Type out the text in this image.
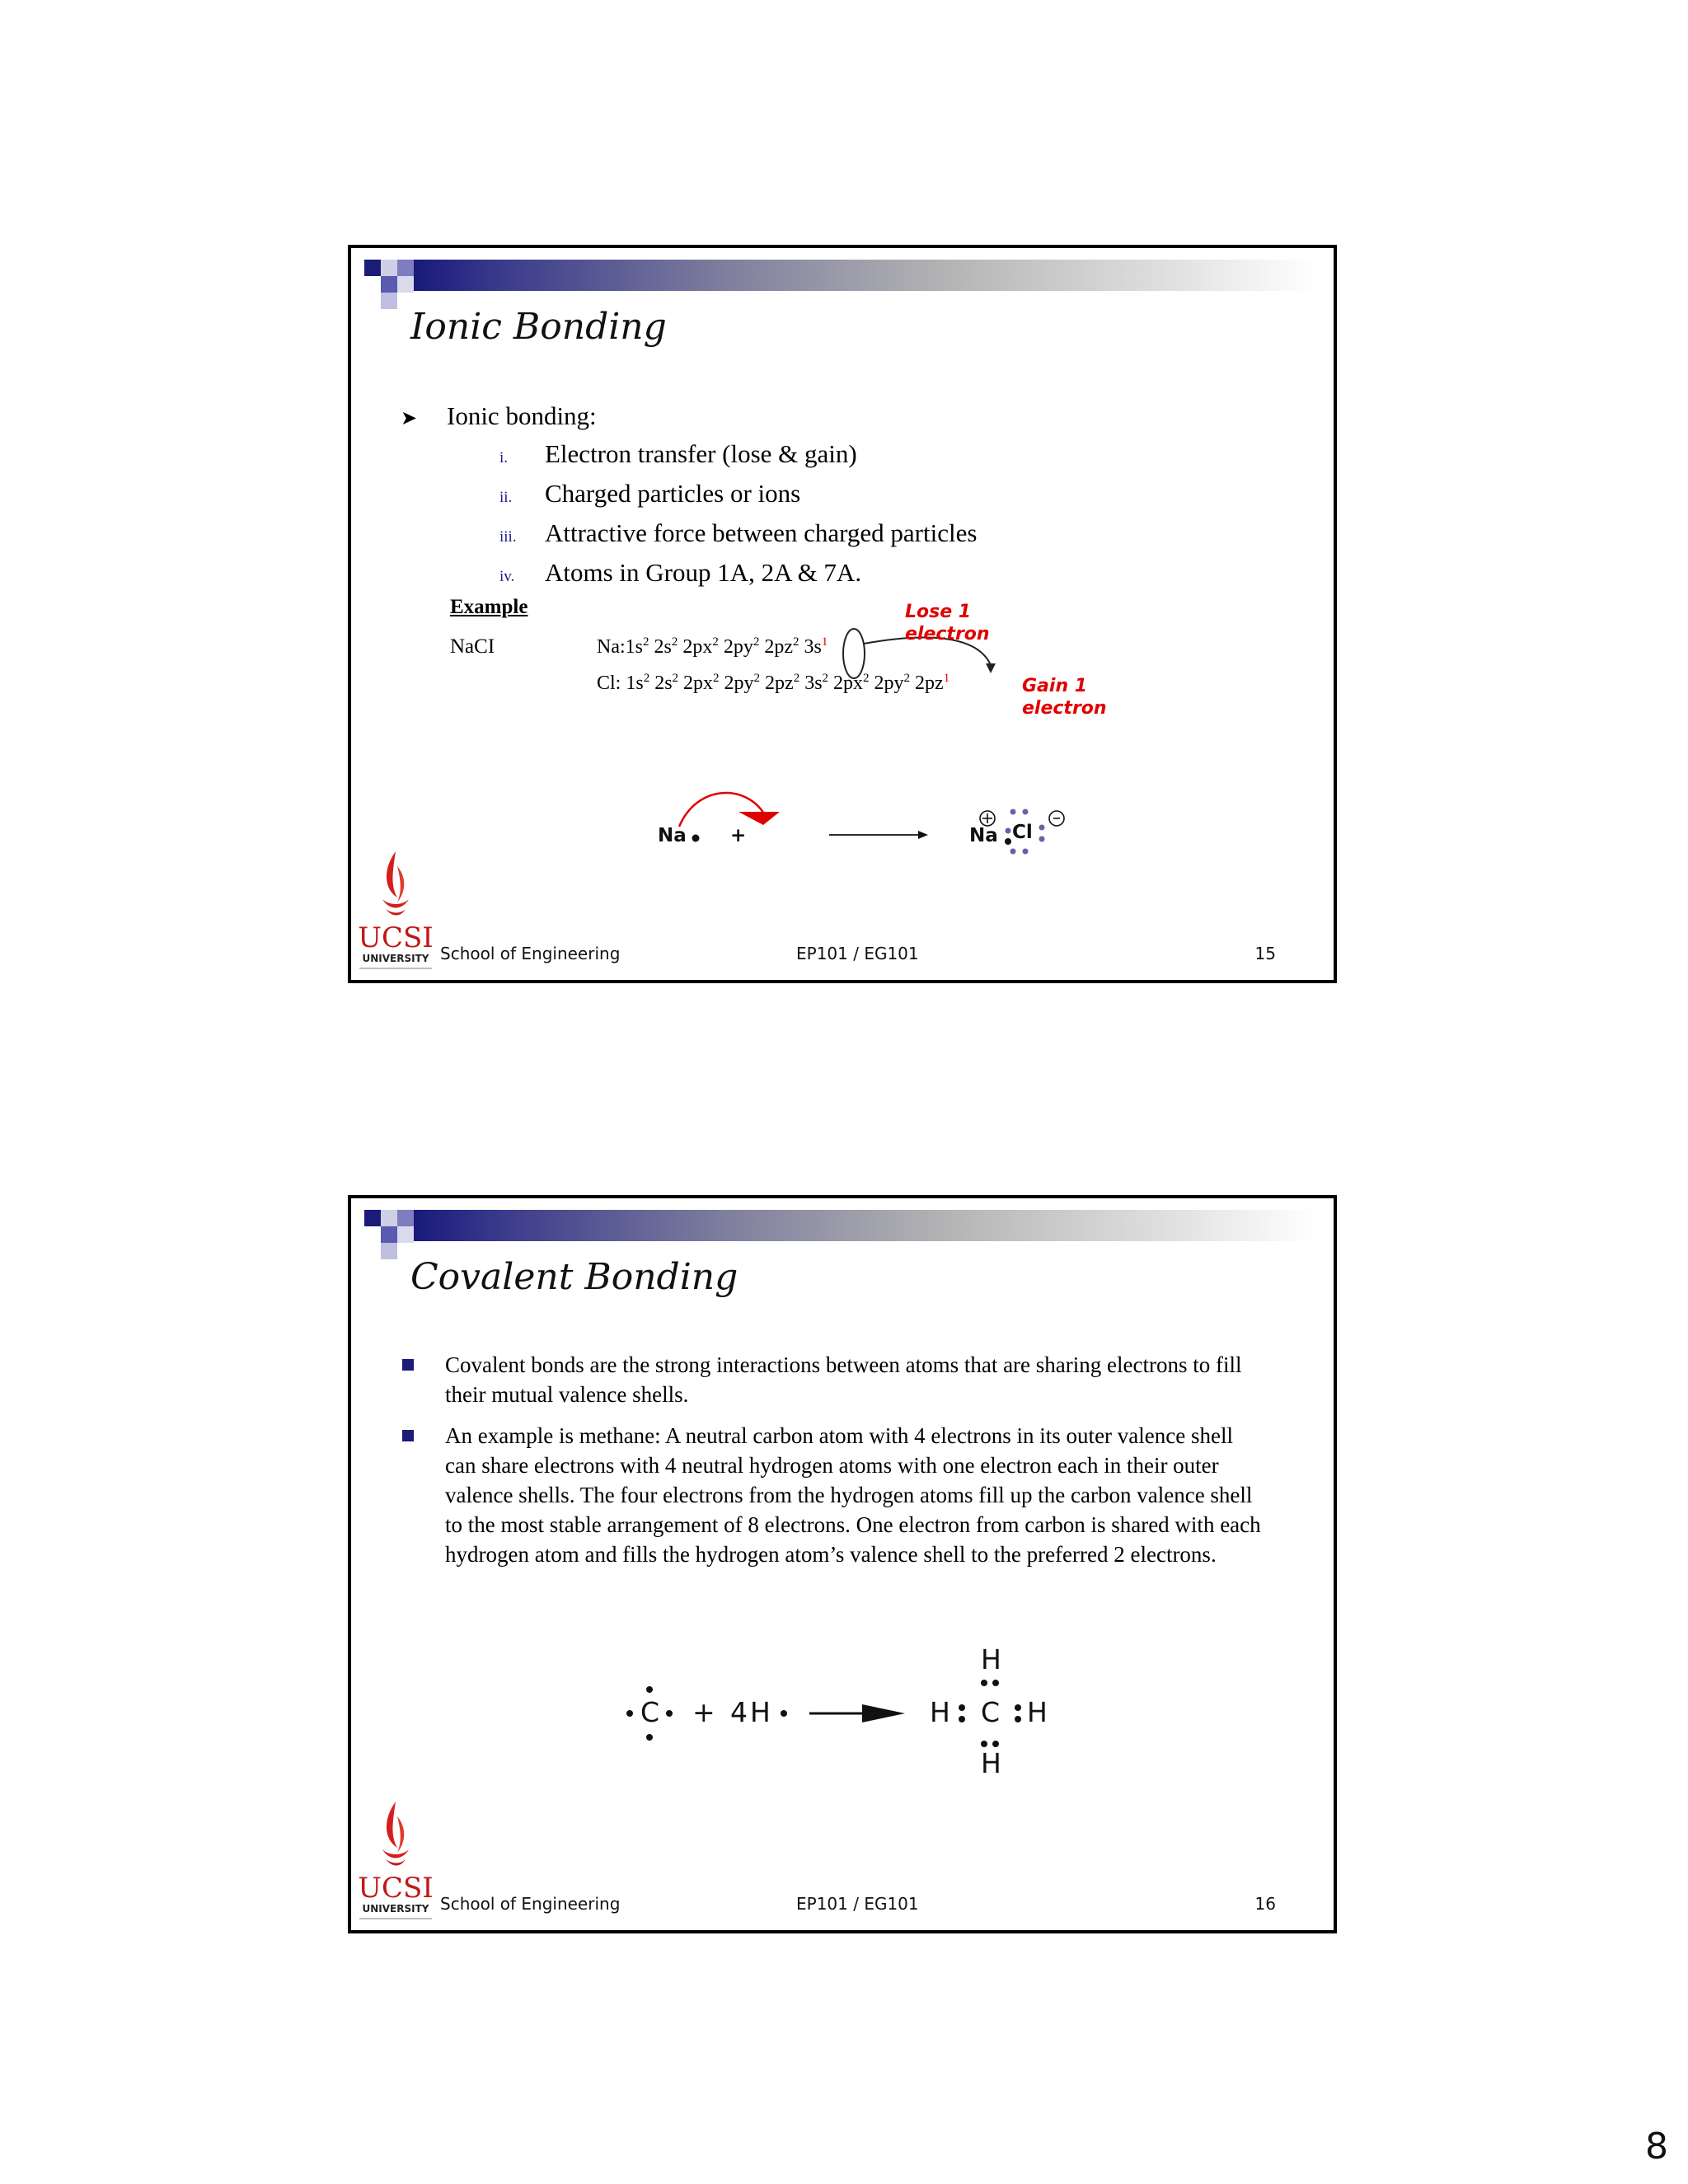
Ionic Bonding
➤ Ionic bonding:
i. Electron transfer (lose & gain)
ii. Charged particles or ions
iii. Attractive force between charged particles
iv. Atoms in Group 1A, 2A & 7A.
Example
NaCI	$Na:1s^2$ $2s^2$ $2px^2$ $2py^2$ $2pz^2$ $3s^1$
Cl: $1s^2$ $2s^2$ $2px^2$ $2py^2$ $2pz^2$ $3s^2$ $2px^2$ $2py^2$ $2pz^1$
Lose 1
electron
Gain 1
electron
Na +	Na Cl
UCSI
UNIVERSITY School of Engineering	EP101 / EG101	15
Covalent Bonding
Covalent bonds are the strong interactions between atoms that are sharing electrons to fill their mutual valence shells.
An example is methane: A neutral carbon atom with 4 electrons in its outer valence shell can share electrons with 4 neutral hydrogen atoms with one electron each in their outer valence shells. The four electrons from the hydrogen atoms fill up the carbon valence shell to the most stable arrangement of 8 electrons. One electron from carbon is shared with each hydrogen atom and fills the hydrogen atom’s valence shell to the preferred 2 electrons.
C + 4 H	C
H
H
H	H
UCSI
UNIVERSITY School of Engineering	EP101 / EG101	16
8
